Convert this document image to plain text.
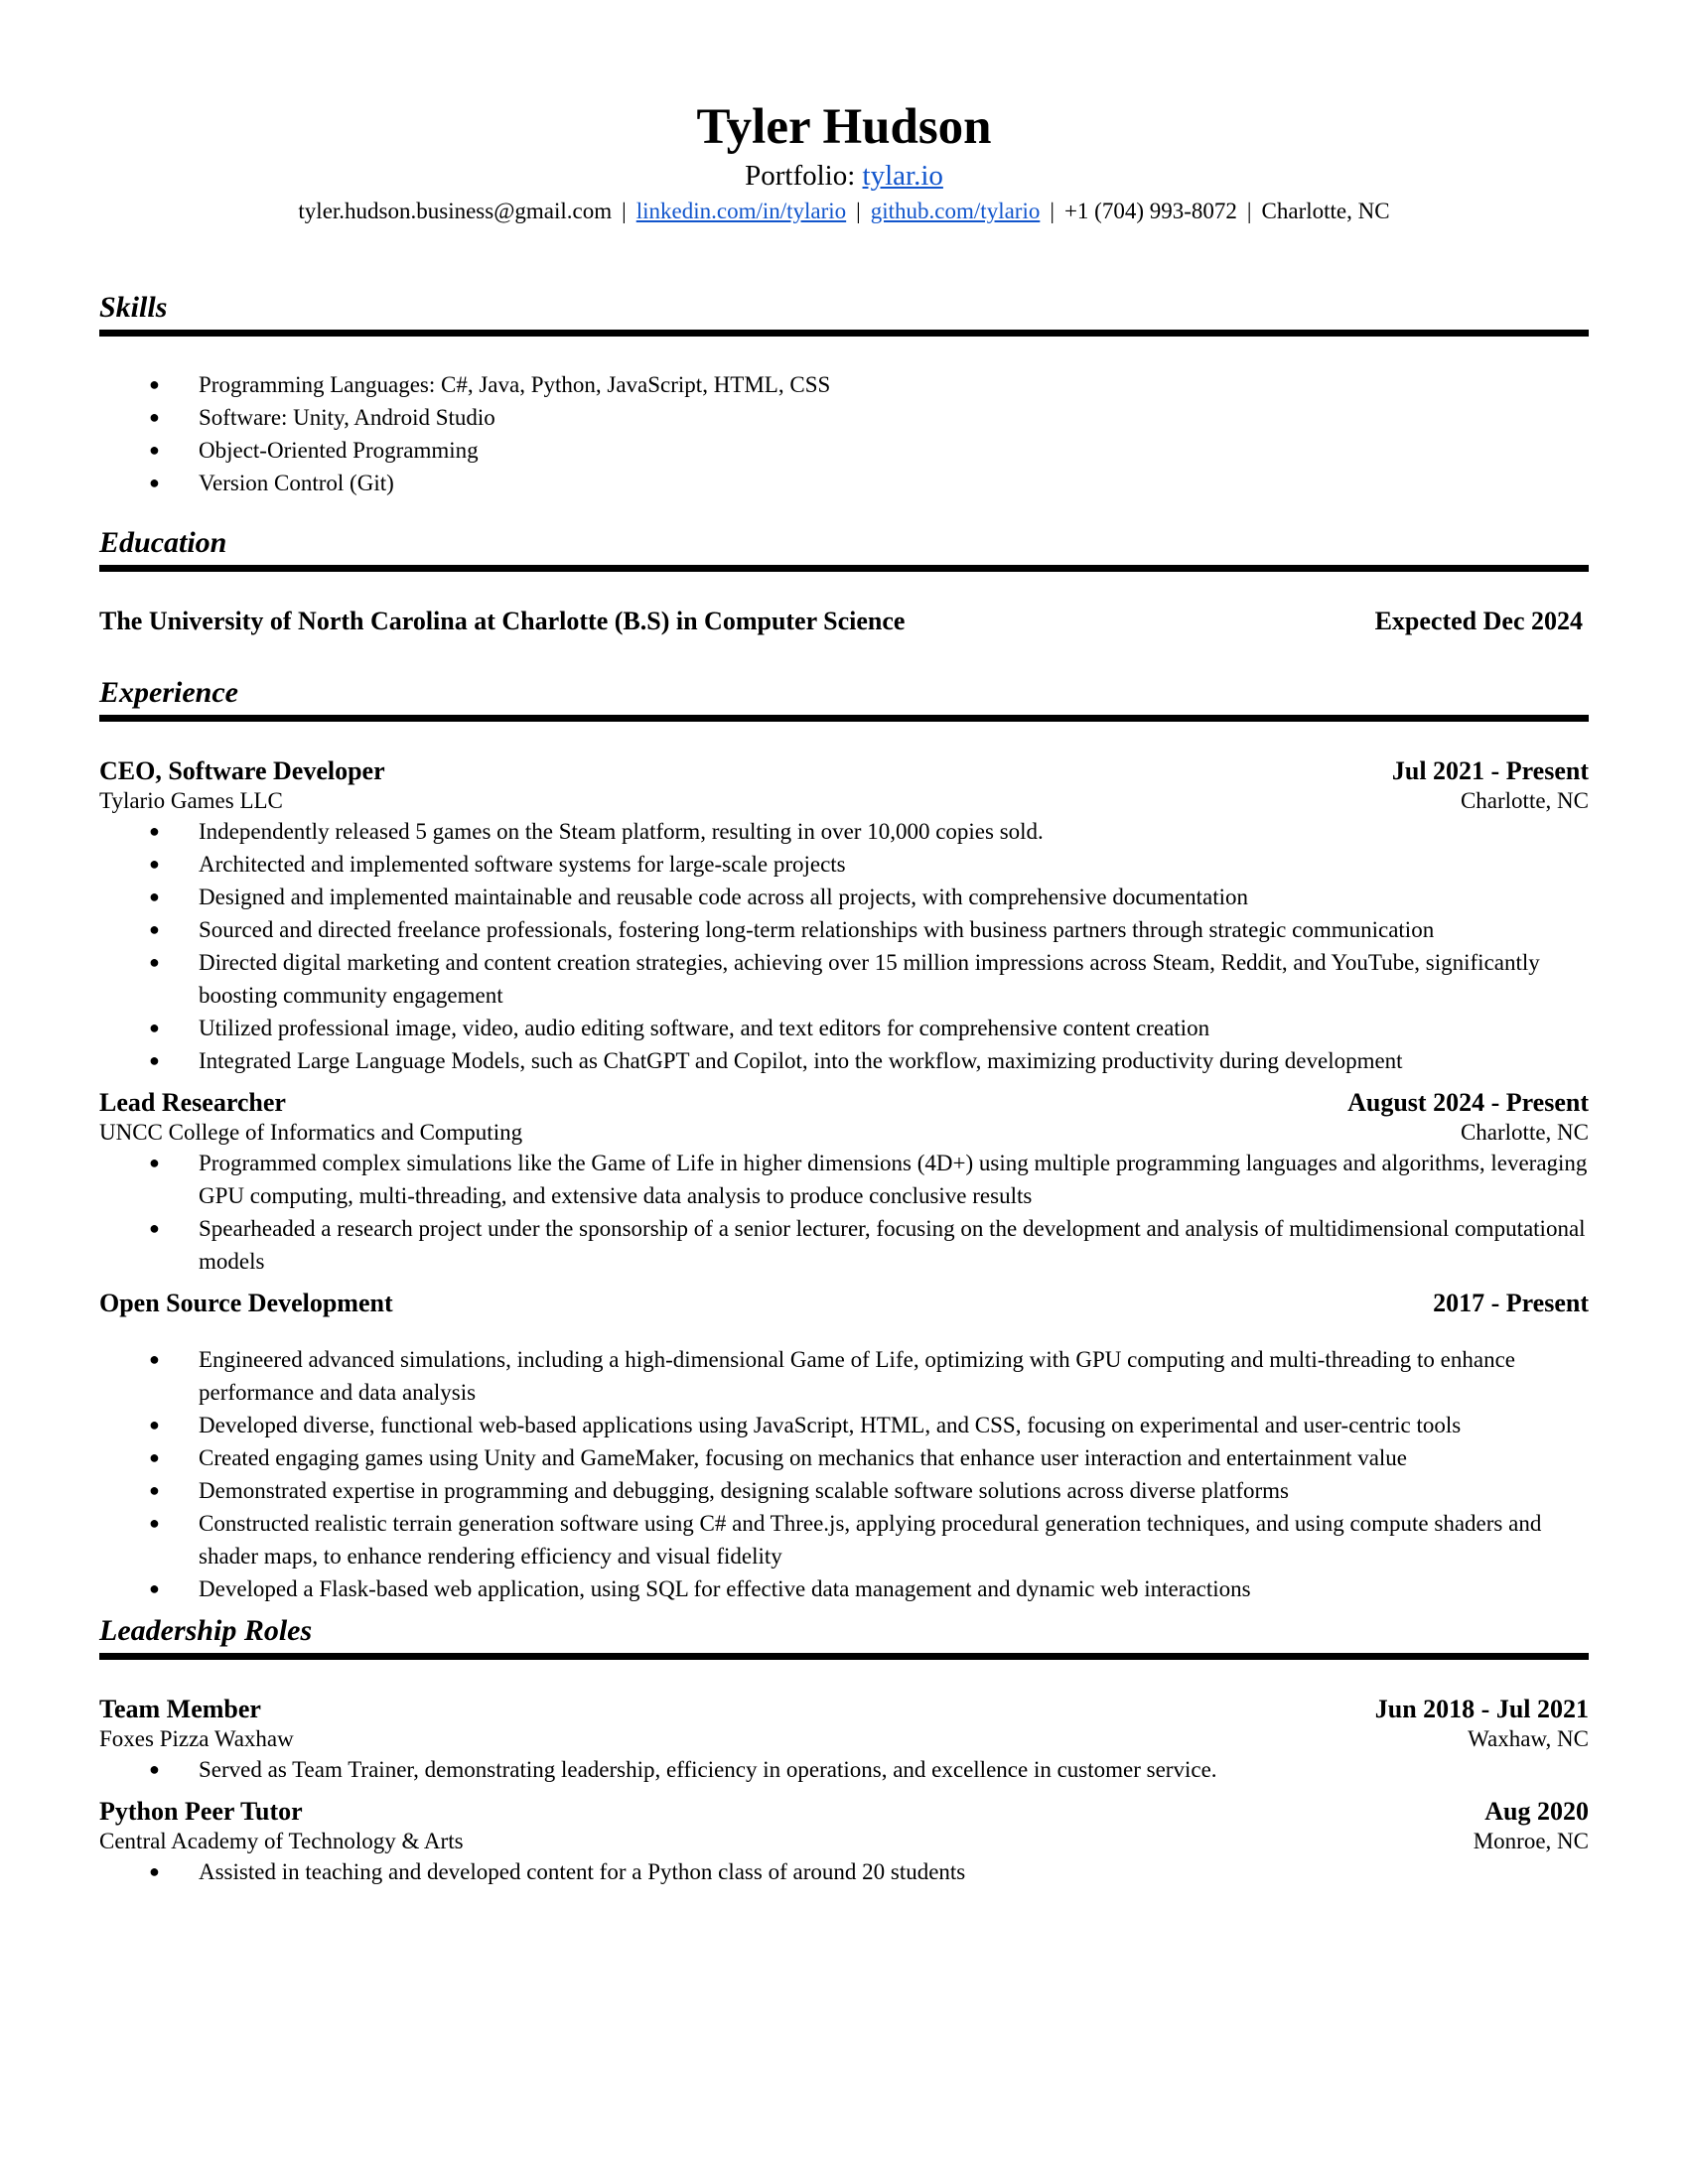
Tyler Hudson
Portfolio: tylar.io
tyler.hudson.business@gmail.com | linkedin.com/in/tylario | github.com/tylario | +1 (704) 993-8072 | Charlotte, NC
Skills
● Programming Languages: C#, Java, Python, JavaScript, HTML, CSS
● Software: Unity, Android Studio
● Object-Oriented Programming
● Version Control (Git)
Education
The University of North Carolina at Charlotte (B.S) in Computer Science	Expected Dec 2024
Experience
CEO, Software Developer	Jul 2021 - Present
Tylario Games LLC	Charlotte, NC
● Independently released 5 games on the Steam platform, resulting in over 10,000 copies sold.
● Architected and implemented software systems for large-scale projects
● Designed and implemented maintainable and reusable code across all projects, with comprehensive documentation
● Sourced and directed freelance professionals, fostering long-term relationships with business partners through strategic communication
● Directed digital marketing and content creation strategies, achieving over 15 million impressions across Steam, Reddit, and YouTube, significantly boosting community engagement
● Utilized professional image, video, audio editing software, and text editors for comprehensive content creation
● Integrated Large Language Models, such as ChatGPT and Copilot, into the workflow, maximizing productivity during development
Lead Researcher	August 2024 - Present
UNCC College of Informatics and Computing	Charlotte, NC
● Programmed complex simulations like the Game of Life in higher dimensions (4D+) using multiple programming languages and algorithms, leveraging GPU computing, multi-threading, and extensive data analysis to produce conclusive results
● Spearheaded a research project under the sponsorship of a senior lecturer, focusing on the development and analysis of multidimensional computational models
Open Source Development	2017 - Present
● Engineered advanced simulations, including a high-dimensional Game of Life, optimizing with GPU computing and multi-threading to enhance performance and data analysis
● Developed diverse, functional web-based applications using JavaScript, HTML, and CSS, focusing on experimental and user-centric tools
● Created engaging games using Unity and GameMaker, focusing on mechanics that enhance user interaction and entertainment value
● Demonstrated expertise in programming and debugging, designing scalable software solutions across diverse platforms
● Constructed realistic terrain generation software using C# and Three.js, applying procedural generation techniques, and using compute shaders and shader maps, to enhance rendering efficiency and visual fidelity
● Developed a Flask-based web application, using SQL for effective data management and dynamic web interactions
Leadership Roles
Team Member	Jun 2018 - Jul 2021
Foxes Pizza Waxhaw	Waxhaw, NC
● Served as Team Trainer, demonstrating leadership, efficiency in operations, and excellence in customer service.
Python Peer Tutor	Aug 2020
Central Academy of Technology & Arts	Monroe, NC
● Assisted in teaching and developed content for a Python class of around 20 students
